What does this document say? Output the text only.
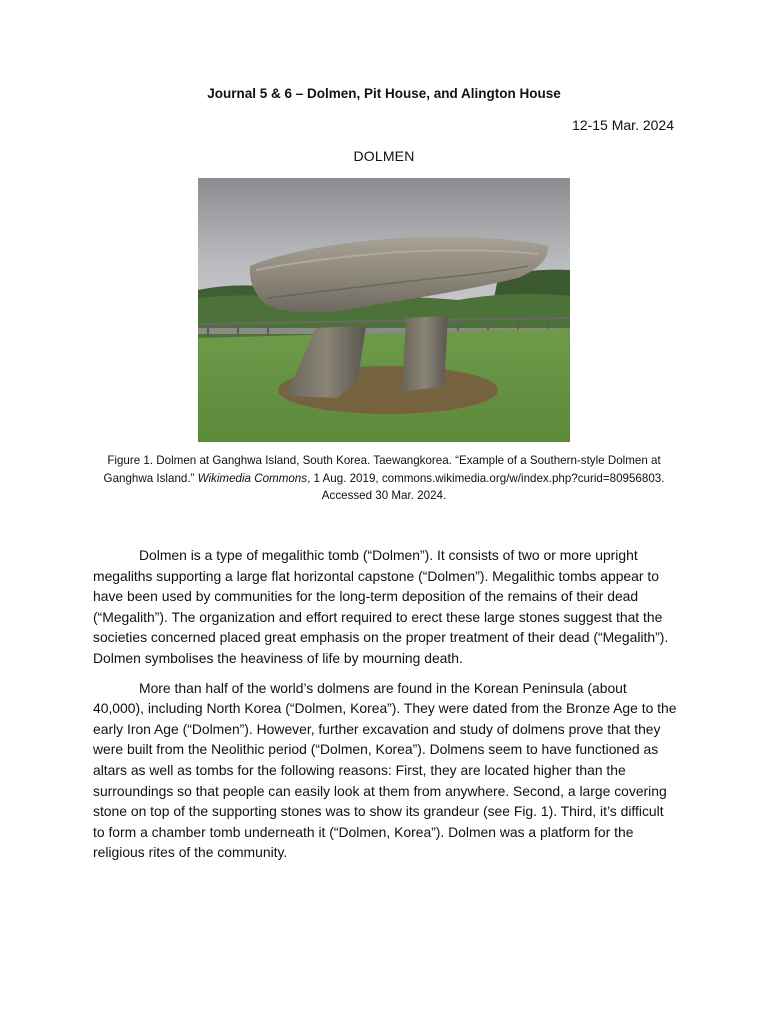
Journal 5 & 6 – Dolmen, Pit House, and Alington House
12-15 Mar. 2024
DOLMEN
Figure 1. Dolmen at Ganghwa Island, South Korea. Taewangkorea. “Example of a Southern-style Dolmen at Ganghwa Island.” Wikimedia Commons, 1 Aug. 2019, commons.wikimedia.org/w/index.php?curid=80956803. Accessed 30 Mar. 2024.

Dolmen is a type of megalithic tomb (“Dolmen”). It consists of two or more upright megaliths supporting a large flat horizontal capstone (“Dolmen”). Megalithic tombs appear to have been used by communities for the long-term deposition of the remains of their dead (“Megalith”). The organization and effort required to erect these large stones suggest that the societies concerned placed great emphasis on the proper treatment of their dead (“Megalith”). Dolmen symbolises the heaviness of life by mourning death.

More than half of the world’s dolmens are found in the Korean Peninsula (about 40,000), including North Korea (“Dolmen, Korea”). They were dated from the Bronze Age to the early Iron Age (“Dolmen”). However, further excavation and study of dolmens prove that they were built from the Neolithic period (“Dolmen, Korea”). Dolmens seem to have functioned as altars as well as tombs for the following reasons: First, they are located higher than the surroundings so that people can easily look at them from anywhere. Second, a large covering stone on top of the supporting stones was to show its grandeur (see Fig. 1). Third, it’s difficult to form a chamber tomb underneath it (“Dolmen, Korea”). Dolmen was a platform for the religious rites of the community.
